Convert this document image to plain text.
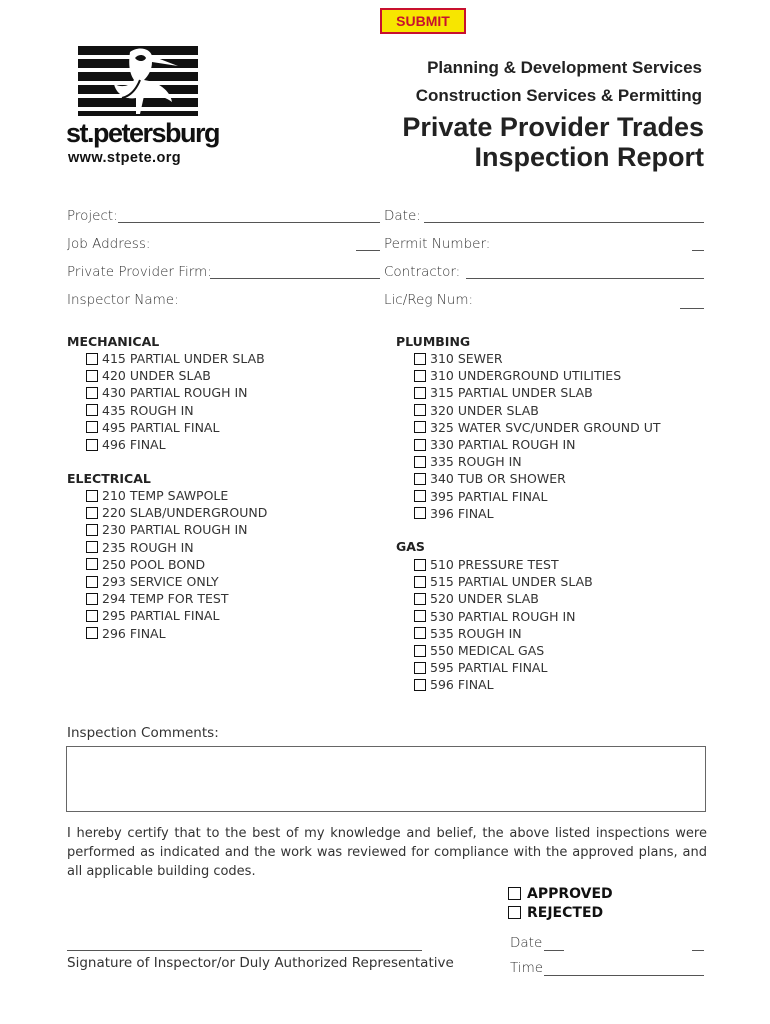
SUBMIT
st.petersburg
www.stpete.org
Planning & Development Services
Construction Services & Permitting
Private Provider Trades
Inspection Report
Project:	Date:
Job Address:	Permit Number:
Private Provider Firm:	Contractor:
Inspector Name:	Lic/Reg Num:
MECHANICAL
415 PARTIAL UNDER SLAB
420 UNDER SLAB
430 PARTIAL ROUGH IN
435 ROUGH IN
495 PARTIAL FINAL
496 FINAL
ELECTRICAL
210 TEMP SAWPOLE
220 SLAB/UNDERGROUND
230 PARTIAL ROUGH IN
235 ROUGH IN
250 POOL BOND
293 SERVICE ONLY
294 TEMP FOR TEST
295 PARTIAL FINAL
296 FINAL
PLUMBING
310 SEWER
310 UNDERGROUND UTILITIES
315 PARTIAL UNDER SLAB
320 UNDER SLAB
325 WATER SVC/UNDER GROUND UT
330 PARTIAL ROUGH IN
335 ROUGH IN
340 TUB OR SHOWER
395 PARTIAL FINAL
396 FINAL
GAS
510 PRESSURE TEST
515 PARTIAL UNDER SLAB
520 UNDER SLAB
530 PARTIAL ROUGH IN
535 ROUGH IN
550 MEDICAL GAS
595 PARTIAL FINAL
596 FINAL
Inspection Comments:
I hereby certify that to the best of my knowledge and belief, the above listed inspections were performed as indicated and the work was reviewed for compliance with the approved plans, and all applicable building codes.
APPROVED
REJECTED
Signature of Inspector/or Duly Authorized Representative
Date
Time
